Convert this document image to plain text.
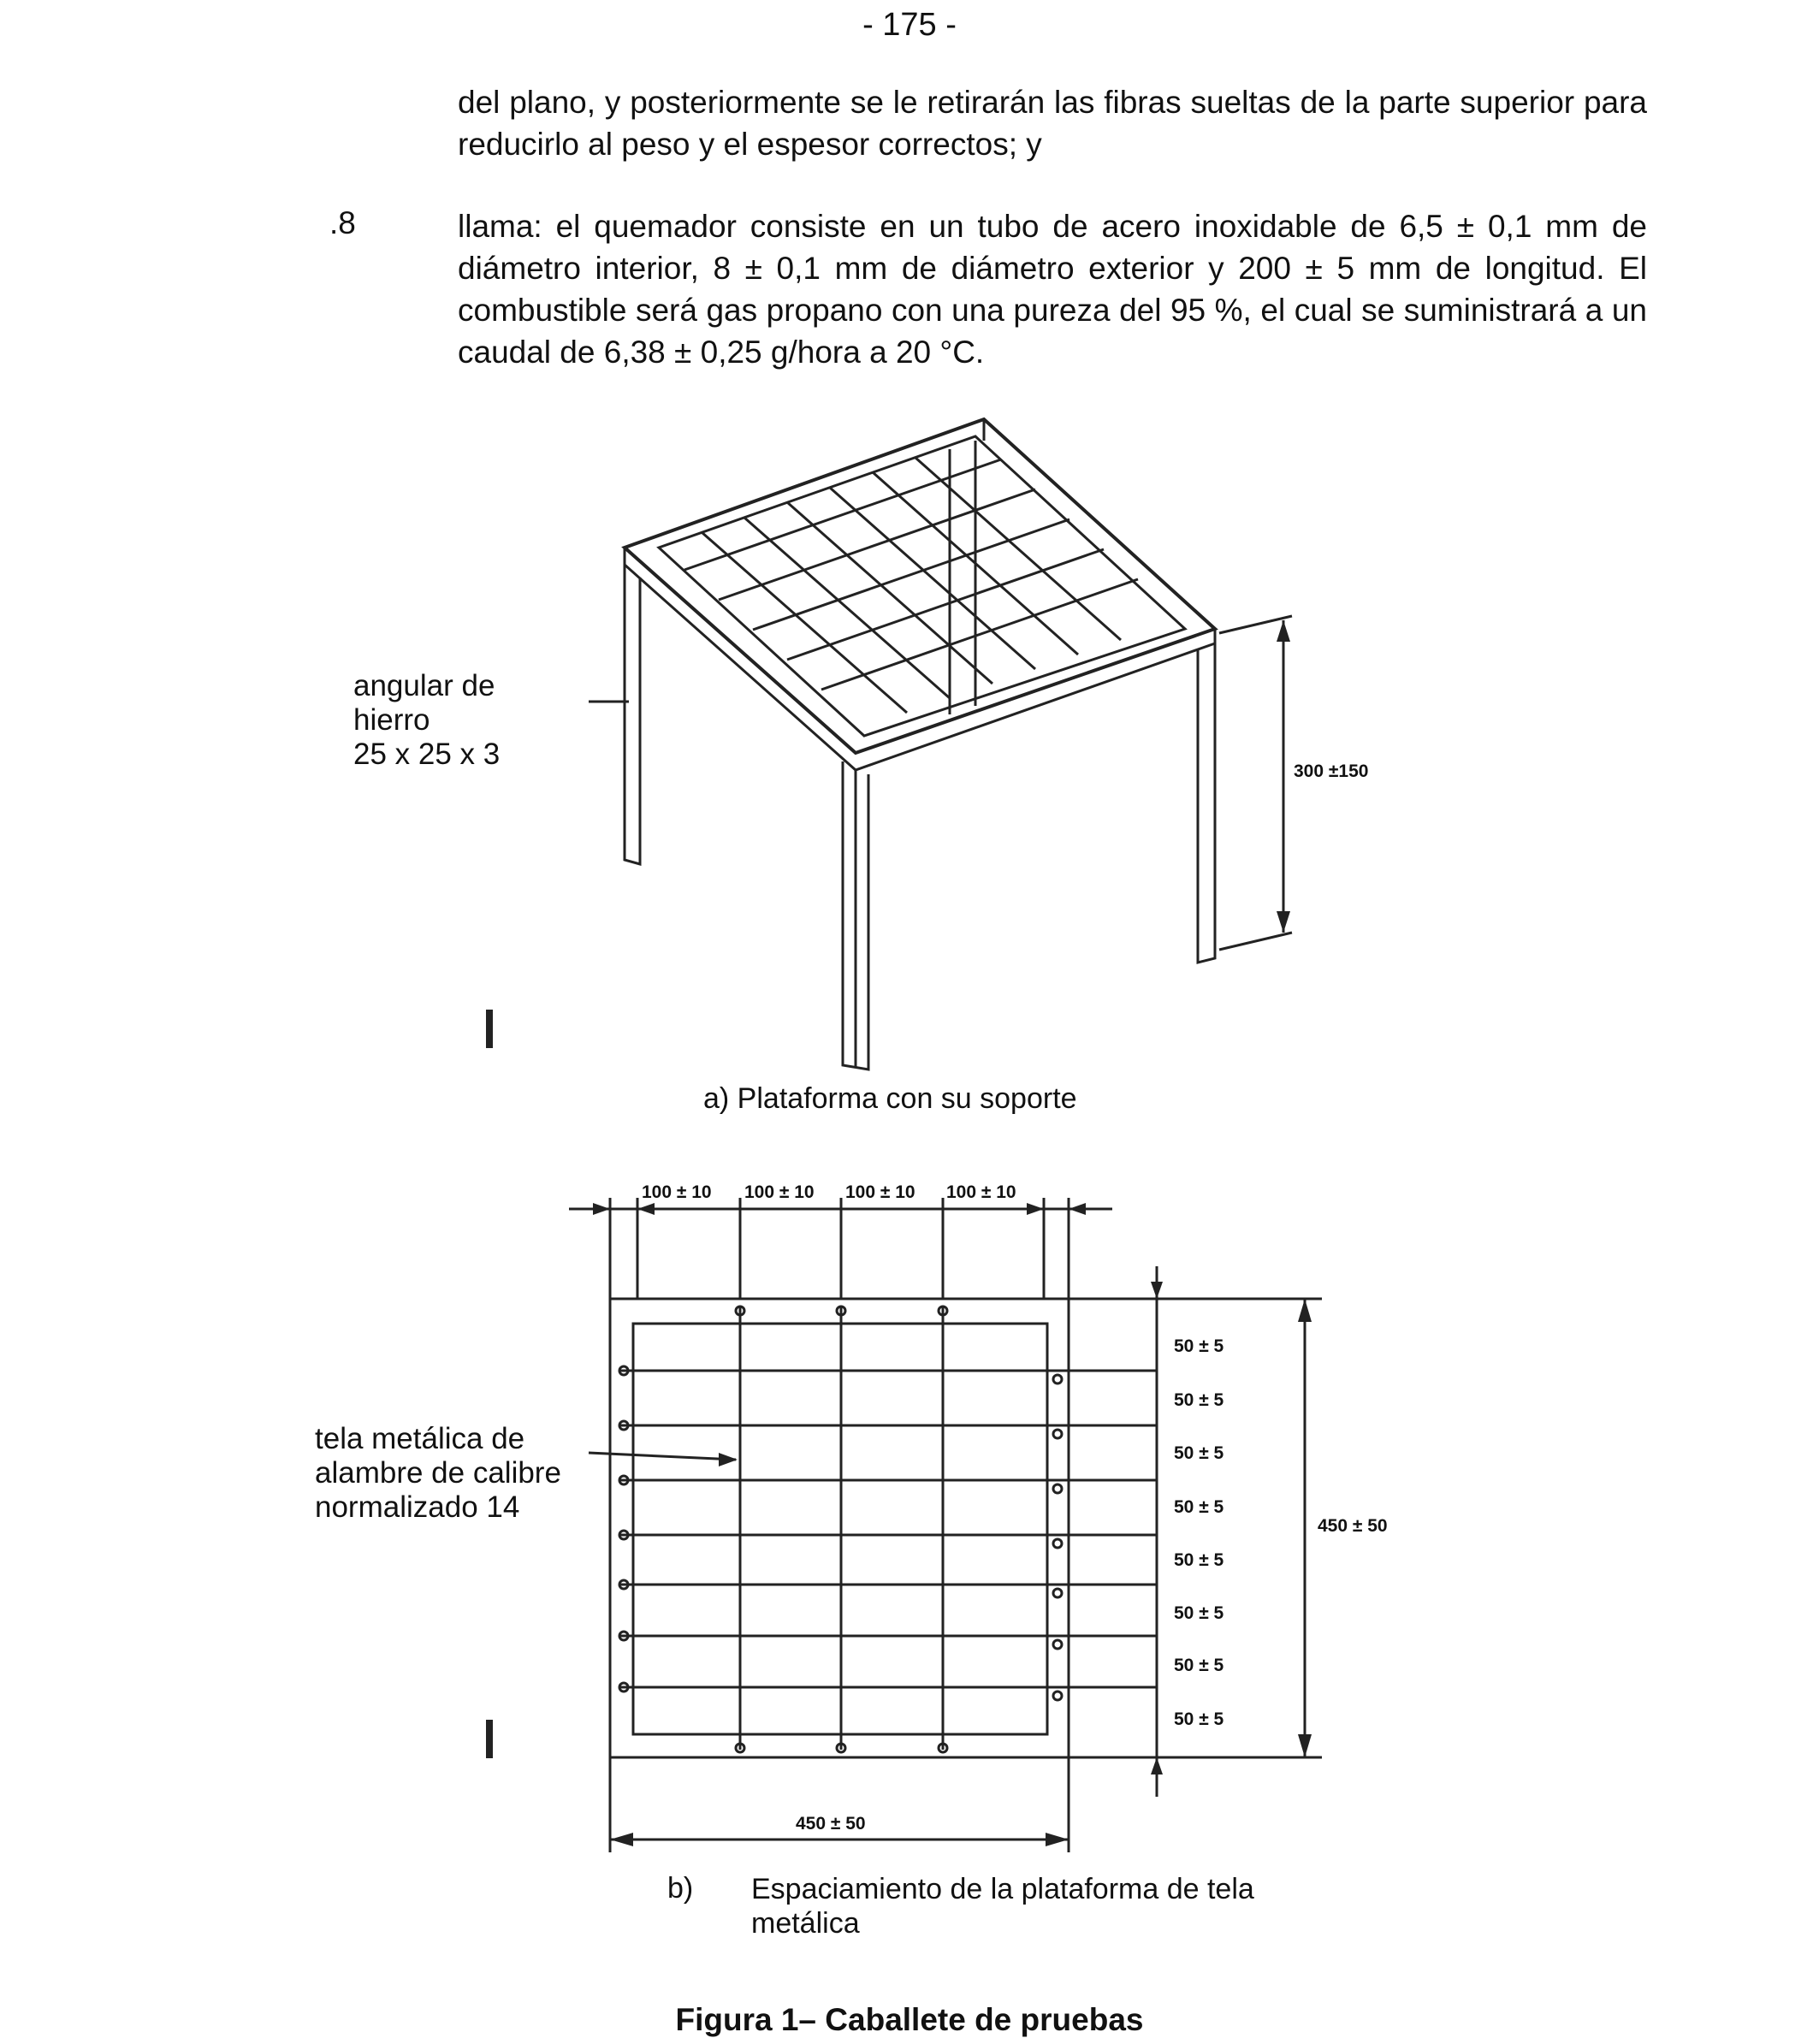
- 175 -
del plano, y posteriormente se le retirarán las fibras sueltas de la parte superior para reducirlo al peso y el espesor correctos; y
.8	llama: el quemador consiste en un tubo de acero inoxidable de 6,5 ± 0,1 mm de diámetro interior, 8 ± 0,1 mm de diámetro exterior y 200 ± 5 mm de longitud. El combustible será gas propano con una pureza del 95 %, el cual se suministrará a un caudal de 6,38 ± 0,25 g/hora a 20 °C.
300 ±150
100 ± 10 100 ± 10 100 ± 10 100 ± 10
50 ± 5
50 ± 5
50 ± 5
50 ± 5
50 ± 5
50 ± 5
50 ± 5
50 ± 5
450 ± 50
450 ± 50
angular de
hierro
25 x 25 x 3
a) Plataforma con su soporte
tela metálica de
alambre de calibre
normalizado 14
b) Espaciamiento de la plataforma de tela
metálica
Figura 1– Caballete de pruebas
